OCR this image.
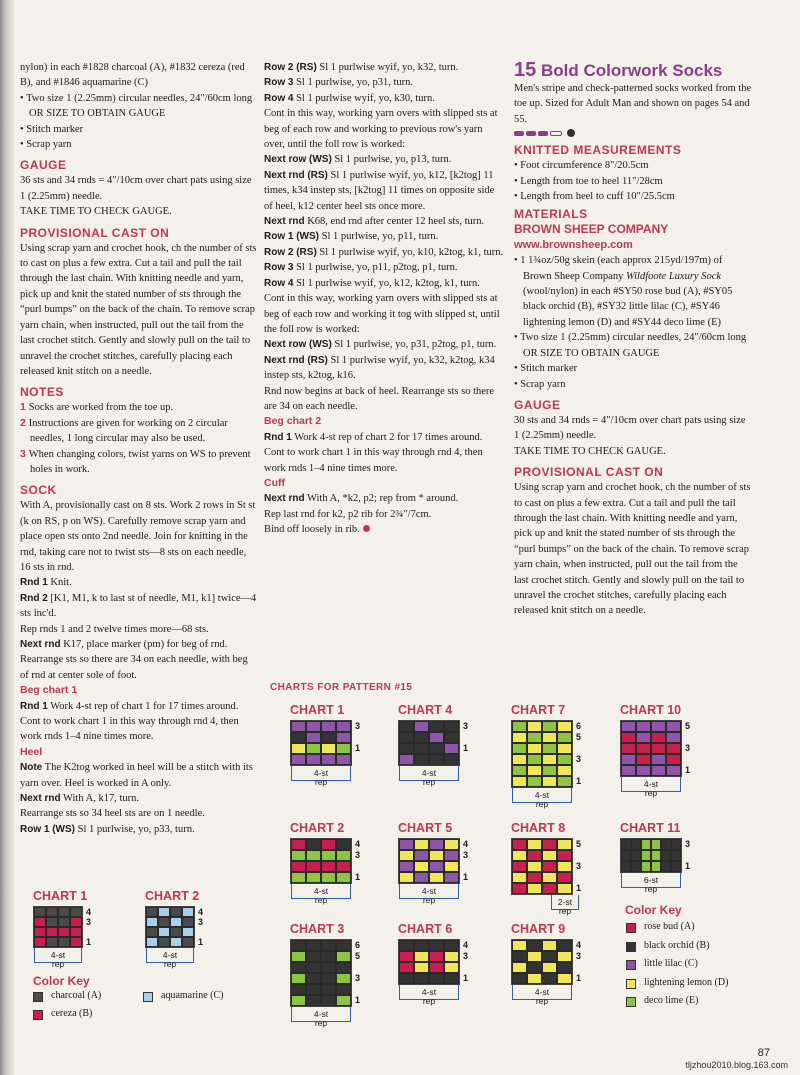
nylon) in each #1828 charcoal (A), #1832 cereza (red B), and #1846 aquamarine (C)

• Two size 1 (2.25mm) circular needles, 24"/60cm long OR SIZE TO OBTAIN GAUGE

• Stitch marker

• Scrap yarn

GAUGE

36 sts and 34 rnds = 4"/10cm over chart pats using size 1 (2.25mm) needle.

TAKE TIME TO CHECK GAUGE.

PROVISIONAL CAST ON

Using scrap yarn and crochet hook, ch the number of sts to cast on plus a few extra. Cut a tail and pull the tail through the last chain. With knitting needle and yarn, pick up and knit the stated number of sts through the “purl bumps” on the back of the chain. To remove scrap yarn chain, when instructed, pull out the tail from the last crochet stitch. Gently and slowly pull on the tail to unravel the crochet stitches, carefully placing each released knit stitch on a needle.

NOTES

1 Socks are worked from the toe up.

2 Instructions are given for working on 2 circular needles, 1 long circular may also be used.

3 When changing colors, twist yarns on WS to prevent holes in work.

SOCK

With A, provisionally cast on 8 sts. Work 2 rows in St st (k on RS, p on WS). Carefully remove scrap yarn and place open sts onto 2nd needle. Join for knitting in the rnd, taking care not to twist sts—8 sts on each needle, 16 sts in rnd.

Rnd 1 Knit.

Rnd 2 [K1, M1, k to last st of needle, M1, k1] twice—4 sts inc'd.

Rep rnds 1 and 2 twelve times more—68 sts.

Next rnd K17, place marker (pm) for beg of rnd. Rearrange sts so there are 34 on each needle, with beg of rnd at center sole of foot.

Beg chart 1

Rnd 1 Work 4-st rep of chart 1 for 17 times around.

Cont to work chart 1 in this way through rnd 4, then work rnds 1–4 nine times more.

Heel

Note The K2tog worked in heel will be a stitch with its yarn over. Heel is worked in A only.

Next rnd With A, k17, turn.

Rearrange sts so 34 heel sts are on 1 needle.

Row 1 (WS) Sl 1 purlwise, yo, p33, turn.

Row 2 (RS) Sl 1 purlwise wyif, yo, k32, turn.

Row 3 Sl 1 purlwise, yo, p31, turn.

Row 4 Sl 1 purlwise wyif, yo, k30, turn.

Cont in this way, working yarn overs with slipped sts at beg of each row and working to previous row's yarn over, until the foll row is worked:

Next row (WS) Sl 1 purlwise, yo, p13, turn.

Next rnd (RS) Sl 1 purlwise wyif, yo, k12, [k2tog] 11 times, k34 instep sts, [k2tog] 11 times on opposite side of heel, k12 center heel sts once more.

Next rnd K68, end rnd after center 12 heel sts, turn.

Row 1 (WS) Sl 1 purlwise, yo, p11, turn.

Row 2 (RS) Sl 1 purlwise wyif, yo, k10, k2tog, k1, turn.

Row 3 Sl 1 purlwise, yo, p11, p2tog, p1, turn.

Row 4 Sl 1 purlwise wyif, yo, k12, k2tog, k1, turn.

Cont in this way, working yarn overs with slipped sts at beg of each row and working it tog with slipped st, until the foll row is worked:

Next row (WS) Sl 1 purlwise, yo, p31, p2tog, p1, turn.

Next rnd (RS) Sl 1 purlwise wyif, yo, k32, k2tog, k34 instep sts, k2tog, k16.

Rnd now begins at back of heel. Rearrange sts so there are 34 on each needle.

Beg chart 2

Rnd 1 Work 4-st rep of chart 2 for 17 times around.

Cont to work chart 1 in this way through rnd 4, then work rnds 1–4 nine times more.

Cuff

Next rnd With A, *k2, p2; rep from * around.

Rep last rnd for k2, p2 rib for 2¾"/7cm.

Bind off loosely in rib.

15 Bold Colorwork Socks

Men's stripe and check-patterned socks worked from the toe up. Sized for Adult Man and shown on pages 54 and 55.

KNITTED MEASUREMENTS

• Foot circumference 8"/20.5cm

• Length from toe to heel 11"/28cm

• Length from heel to cuff 10"/25.5cm

MATERIALS
BROWN SHEEP COMPANY
www.brownsheep.com

• 1 1¾oz/50g skein (each approx 215yd/197m) of Brown Sheep Company Wildfoote Luxury Sock (wool/nylon) in each #SY50 rose bud (A), #SY05 black orchid (B), #SY32 little lilac (C), #SY46 lightening lemon (D) and #SY44 deco lime (E)

• Two size 1 (2.25mm) circular needles, 24"/60cm long OR SIZE TO OBTAIN GAUGE

• Stitch marker

• Scrap yarn

GAUGE

30 sts and 34 rnds = 4"/10cm over chart pats using size 1 (2.25mm) needle.

TAKE TIME TO CHECK GAUGE.

PROVISIONAL CAST ON

Using scrap yarn and crochet hook, ch the number of sts to cast on plus a few extra. Cut a tail and pull the tail through the last chain. With knitting needle and yarn, pick up and knit the stated number of sts through the “purl bumps” on the back of the chain. To remove scrap yarn chain, when instructed, pull out the tail from the last crochet stitch. Gently and slowly pull on the tail to unravel the crochet stitches, carefully placing each released knit stitch on a needle.

CHARTS FOR PATTERN #15
CHART 1
3
1
4-st
rep
CHART 4
3
1
4-st
rep
CHART 7
6
5
3
1
4-st
rep
CHART 10
5
3
1
4-st
rep
CHART 2
4
3
1
4-st
rep
CHART 5
4
3
1
4-st
rep
CHART 8
5
3
1
2-st
rep
CHART 11
3
1
6-st
rep
CHART 3
6
5
3
1
4-st
rep
CHART 6
4
3
1
4-st
rep
CHART 9
4
3
1
4-st
rep
CHART 1
4
3
1
4-st
rep
CHART 2
4
3
1
4-st
rep
Color Key
rose bud (A)
black orchid (B)
little lilac (C)
lightening lemon (D)
deco lime (E)
Color Key
charcoal (A)
cereza (B)
aquamarine (C)
87
tljzhou2010.blog.163.com
